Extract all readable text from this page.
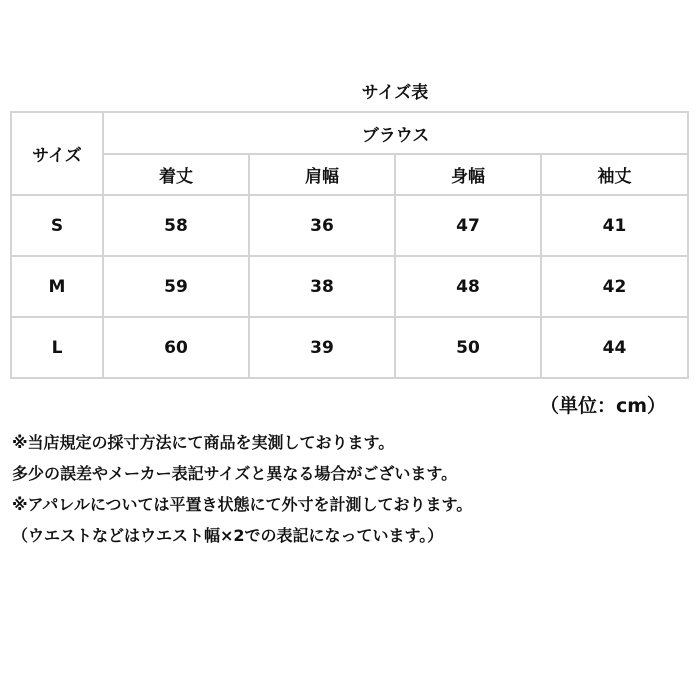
サイズ表
サイズ	ブラウス			
	着丈	肩幅	身幅	袖丈
S	58	36	47	41
M	59	38	48	42
L	60	39	50	44
（単位：cm）
※当店規定の採寸方法にて商品を実測しております。
多少の誤差やメーカー表記サイズと異なる場合がございます。
※アパレルについては平置き状態にて外寸を計測しております。
（ウエストなどはウエスト幅×2での表記になっています。）
